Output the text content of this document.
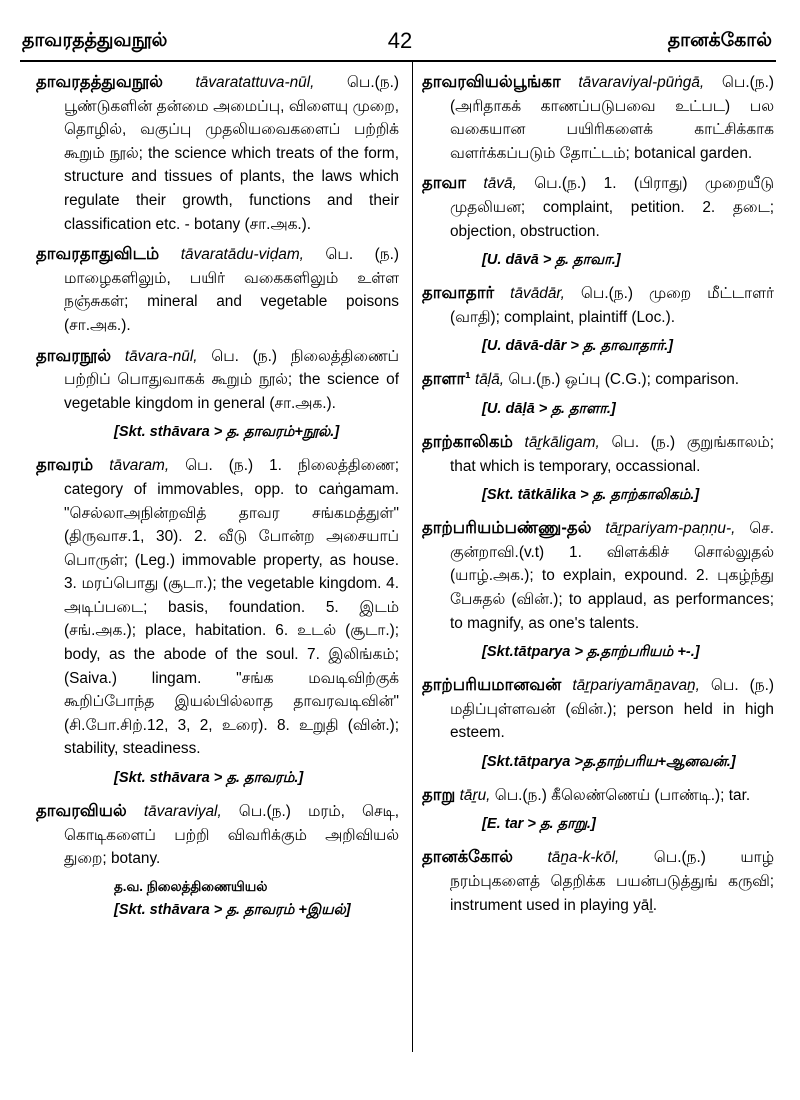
தாவரதத்துவநூல்	42	தானக்கோல்

தாவரதத்துவநூல் tāvaratattuva-nūl, பெ.(ந.) பூண்டுகளின் தன்மை அமைப்பு, விளையு முறை, தொழில், வகுப்பு முதலியவைகளைப் பற்றிக் கூறும் நூல்; the science which treats of the form, structure and tissues of plants, the laws which regulate their growth, functions and their classification etc. - botany (சா.அக.).

தாவரதாதுவிடம் tāvaratādu-viḍam, பெ. (ந.) மாழைகளிலும், பயிர் வகைகளிலும் உள்ள நஞ்சுகள்; mineral and vegetable poisons (சா.அக.).

தாவரநூல் tāvara-nūl, பெ. (ந.) நிலைத்திணைப் பற்றிப் பொதுவாகக் கூறும் நூல்; the science of vegetable kingdom in general (சா.அக.).

[Skt. sthāvara > த. தாவரம்+நூல்.]

தாவரம் tāvaram, பெ. (ந.) 1. நிலைத்திணை; category of immovables, opp. to caṅgamam. "செல்லாஅநின்றவித் தாவர சங்கமத்துள்" (திருவாச.1, 30). 2. வீடு போன்ற அசையாப் பொருள்; (Leg.) immovable property, as house. 3. மரப்பொது (சூடா.); the vegetable kingdom. 4. அடிப்படை; basis, foundation. 5. இடம் (சங்.அக.); place, habitation. 6. உடல் (சூடா.); body, as the abode of the soul. 7. இலிங்கம்; (Saiva.) lingam. "சங்க மவடிவிற்குக் கூறிப்போந்த இயல்பில்லாத தாவரவடிவின்" (சி.போ.சிற்.12, 3, 2, உரை). 8. உறுதி (வின்.); stability, steadiness.

[Skt. sthāvara > த. தாவரம்.]

தாவரவியல் tāvaraviyal, பெ.(ந.) மரம், செடி, கொடிகளைப் பற்றி விவரிக்கும் அறிவியல் துறை; botany.

த.வ. நிலைத்திணையியல்
[Skt. sthāvara > த. தாவரம் +இயல்]

தாவரவியல்பூங்கா tāvaraviyal-pūṅgā, பெ.(ந.) (அரிதாகக் காணப்படுபவை உட்பட) பல வகையான பயிரிகளைக் காட்சிக்காக வளர்க்கப்படும் தோட்டம்; botanical garden.

தாவா tāvā, பெ.(ந.) 1. (பிராது) முறையீடு முதலியன; complaint, petition. 2. தடை; objection, obstruction.

[U. dāvā > த. தாவா.]

தாவாதார் tāvādār, பெ.(ந.) முறை மீட்டாளர் (வாதி); complaint, plaintiff (Loc.).

[U. dāvā-dār > த. தாவாதார்.]

தாளா¹ tāḷā, பெ.(ந.) ஒப்பு (C.G.); comparison.

[U. dāḷā > த. தாளா.]

தாற்காலிகம் tāṟkāligam, பெ. (ந.) குறுங்காலம்; that which is temporary, occassional.

[Skt. tātkālika > த. தாற்காலிகம்.]

தாற்பரியம்பண்ணு-தல் tāṟpariyam-paṇṇu-, செ. குன்றாவி.(v.t) 1. விளக்கிச் சொல்லுதல் (யாழ்.அக.); to explain, expound. 2. புகழ்ந்து பேசுதல் (வின்.); to applaud, as performances; to magnify, as one's talents.

[Skt.tātparya > த.தாற்பரியம் +-.]

தாற்பரியமானவன் tāṟpariyamāṉavaṉ, பெ. (ந.) மதிப்புள்ளவன் (வின்.); person held in high esteem.

[Skt.tātparya >த.தாற்பரிய+ஆனவன்.]

தாறு tāṟu, பெ.(ந.) கீலெண்ணெய் (பாண்டி.); tar.

[E. tar > த. தாறு.]

தானக்கோல் tāṉa-k-kōl, பெ.(ந.) யாழ் நரம்புகளைத் தெறிக்க பயன்படுத்துங் கருவி; instrument used in playing yāḻ.
